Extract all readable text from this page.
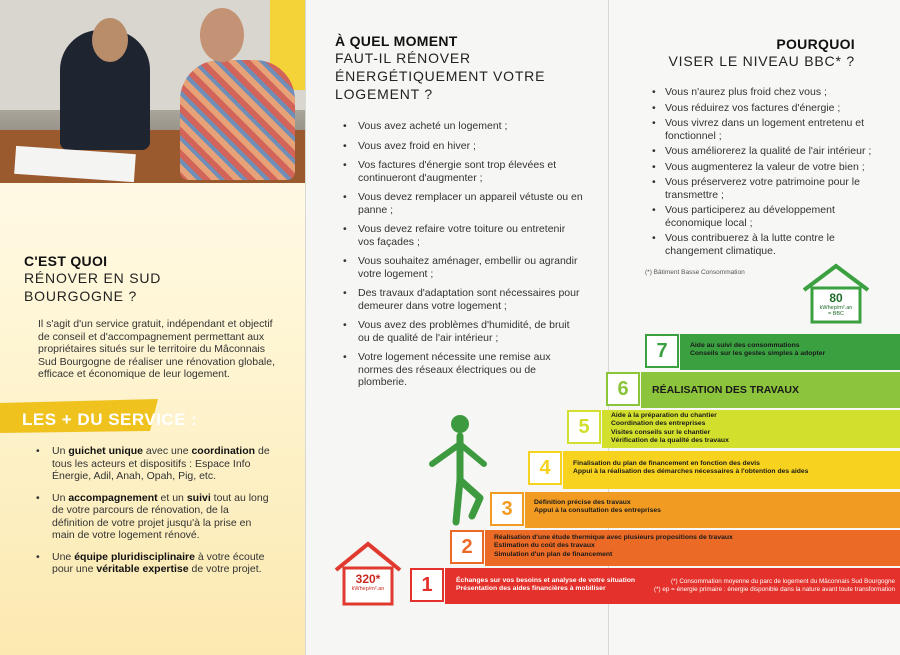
C'EST QUOI
RÉNOVER EN SUD
BOURGOGNE ?

Il s'agit d'un service gratuit, indépendant et objectif de conseil et d'accompagnement permettant aux propriétaires situés sur le territoire du Mâconnais Sud Bourgogne de réaliser une rénovation globale, efficace et économique de leur logement.

LES + DU SERVICE :
• Un guichet unique avec une coordination de tous les acteurs et dispositifs : Espace Info Énergie, Adil, Anah, Opah, Pig, etc.
• Un accompagnement et un suivi tout au long de votre parcours de rénovation, de la définition de votre projet jusqu'à la prise en main de votre logement rénové.
• Une équipe pluridisciplinaire à votre écoute pour une véritable expertise de votre projet.
À QUEL MOMENT
FAUT-IL RÉNOVER
ÉNERGÉTIQUEMENT VOTRE
LOGEMENT ?
• Vous avez acheté un logement ;
• Vous avez froid en hiver ;
• Vos factures d'énergie sont trop élevées et continueront d'augmenter ;
• Vous devez remplacer un appareil vétuste ou en panne ;
• Vous devez refaire votre toiture ou entretenir vos façades ;
• Vous souhaitez aménager, embellir ou agrandir votre logement ;
• Des travaux d'adaptation sont nécessaires pour demeurer dans votre logement ;
• Vous avez des problèmes d'humidité, de bruit ou de qualité de l'air intérieur ;
• Votre logement nécessite une remise aux normes des réseaux électriques ou de plomberie.
POURQUOI
VISER LE NIVEAU BBC* ?
• Vous n'aurez plus froid chez vous ;
• Vous réduirez vos factures d'énergie ;
• Vous vivrez dans un logement entretenu et fonctionnel ;
• Vous améliorerez la qualité de l'air intérieur ;
• Vous augmenterez la valeur de votre bien ;
• Vous préserverez votre patrimoine pour le transmettre ;
• Vous participerez au développement économique local ;
• Vous contribuerez à la lutte contre le changement climatique.
(*) Bâtiment Basse Consommation
1	Échanges sur vos besoins et analyse de votre situation
Présentation des aides financières à mobiliser
2	Réalisation d'une étude thermique avec plusieurs propositions de travaux
Estimation du coût des travaux
Simulation d'un plan de financement
3	Définition précise des travaux
Appui à la consultation des entreprises
4	Finalisation du plan de financement en fonction des devis
Appui à la réalisation des démarches nécessaires à l'obtention des aides
5
Aide à la préparation du chantier
Coordination des entreprises
Visites conseils sur le chantier
Vérification de la qualité des travaux
6	RÉALISATION DES TRAVAUX
7	Aide au suivi des consommations
Conseils sur les gestes simples à adopter
80
kWhep/m².an
= BBC
320*
kWhep/m².an
(*) Consommation moyenne du parc de logement du Mâconnais Sud Bourgogne
(*) ep = énergie primaire : énergie disponible dans la nature avant toute transformation
